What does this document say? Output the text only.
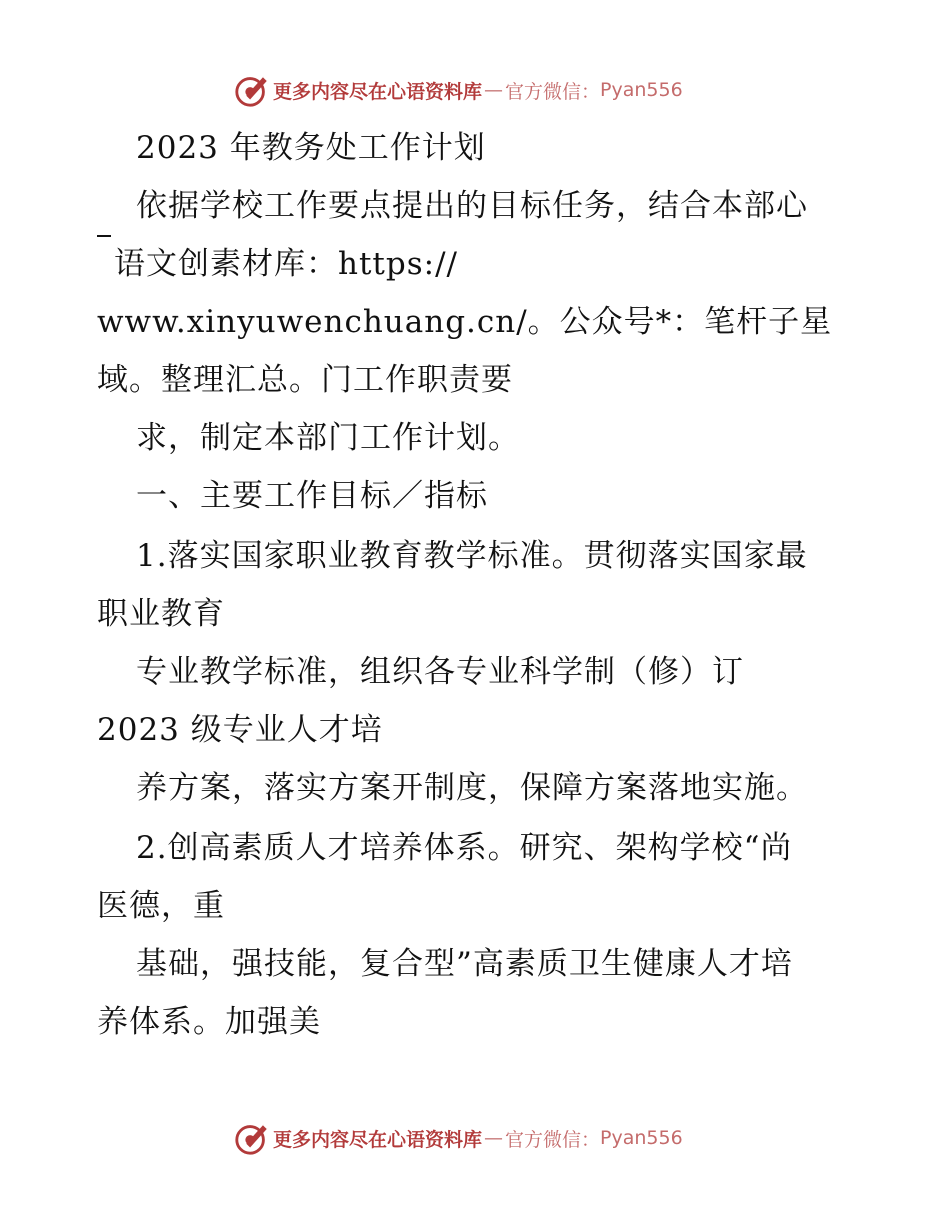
更多内容尽在心语资料库 — 官方微信： Pyan556
2023 年教务处工作计划
依据学校工作要点提出的目标任务，结合本部心
语文创素材库：https://
www.xinyuwenchuang.cn/。公众号*：笔杆子星
域。整理汇总。门工作职责要
求，制定本部门工作计划。
一、主要工作目标／指标
1.落实国家职业教育教学标准。贯彻落实国家最
职业教育
专业教学标准，组织各专业科学制（修）订
2023 级专业人才培
养方案，落实方案开制度，保障方案落地实施。
2.创高素质人才培养体系。研究、架构学校“尚
医德，重
基础，强技能，复合型”高素质卫生健康人才培
养体系。加强美
更多内容尽在心语资料库 — 官方微信： Pyan556
